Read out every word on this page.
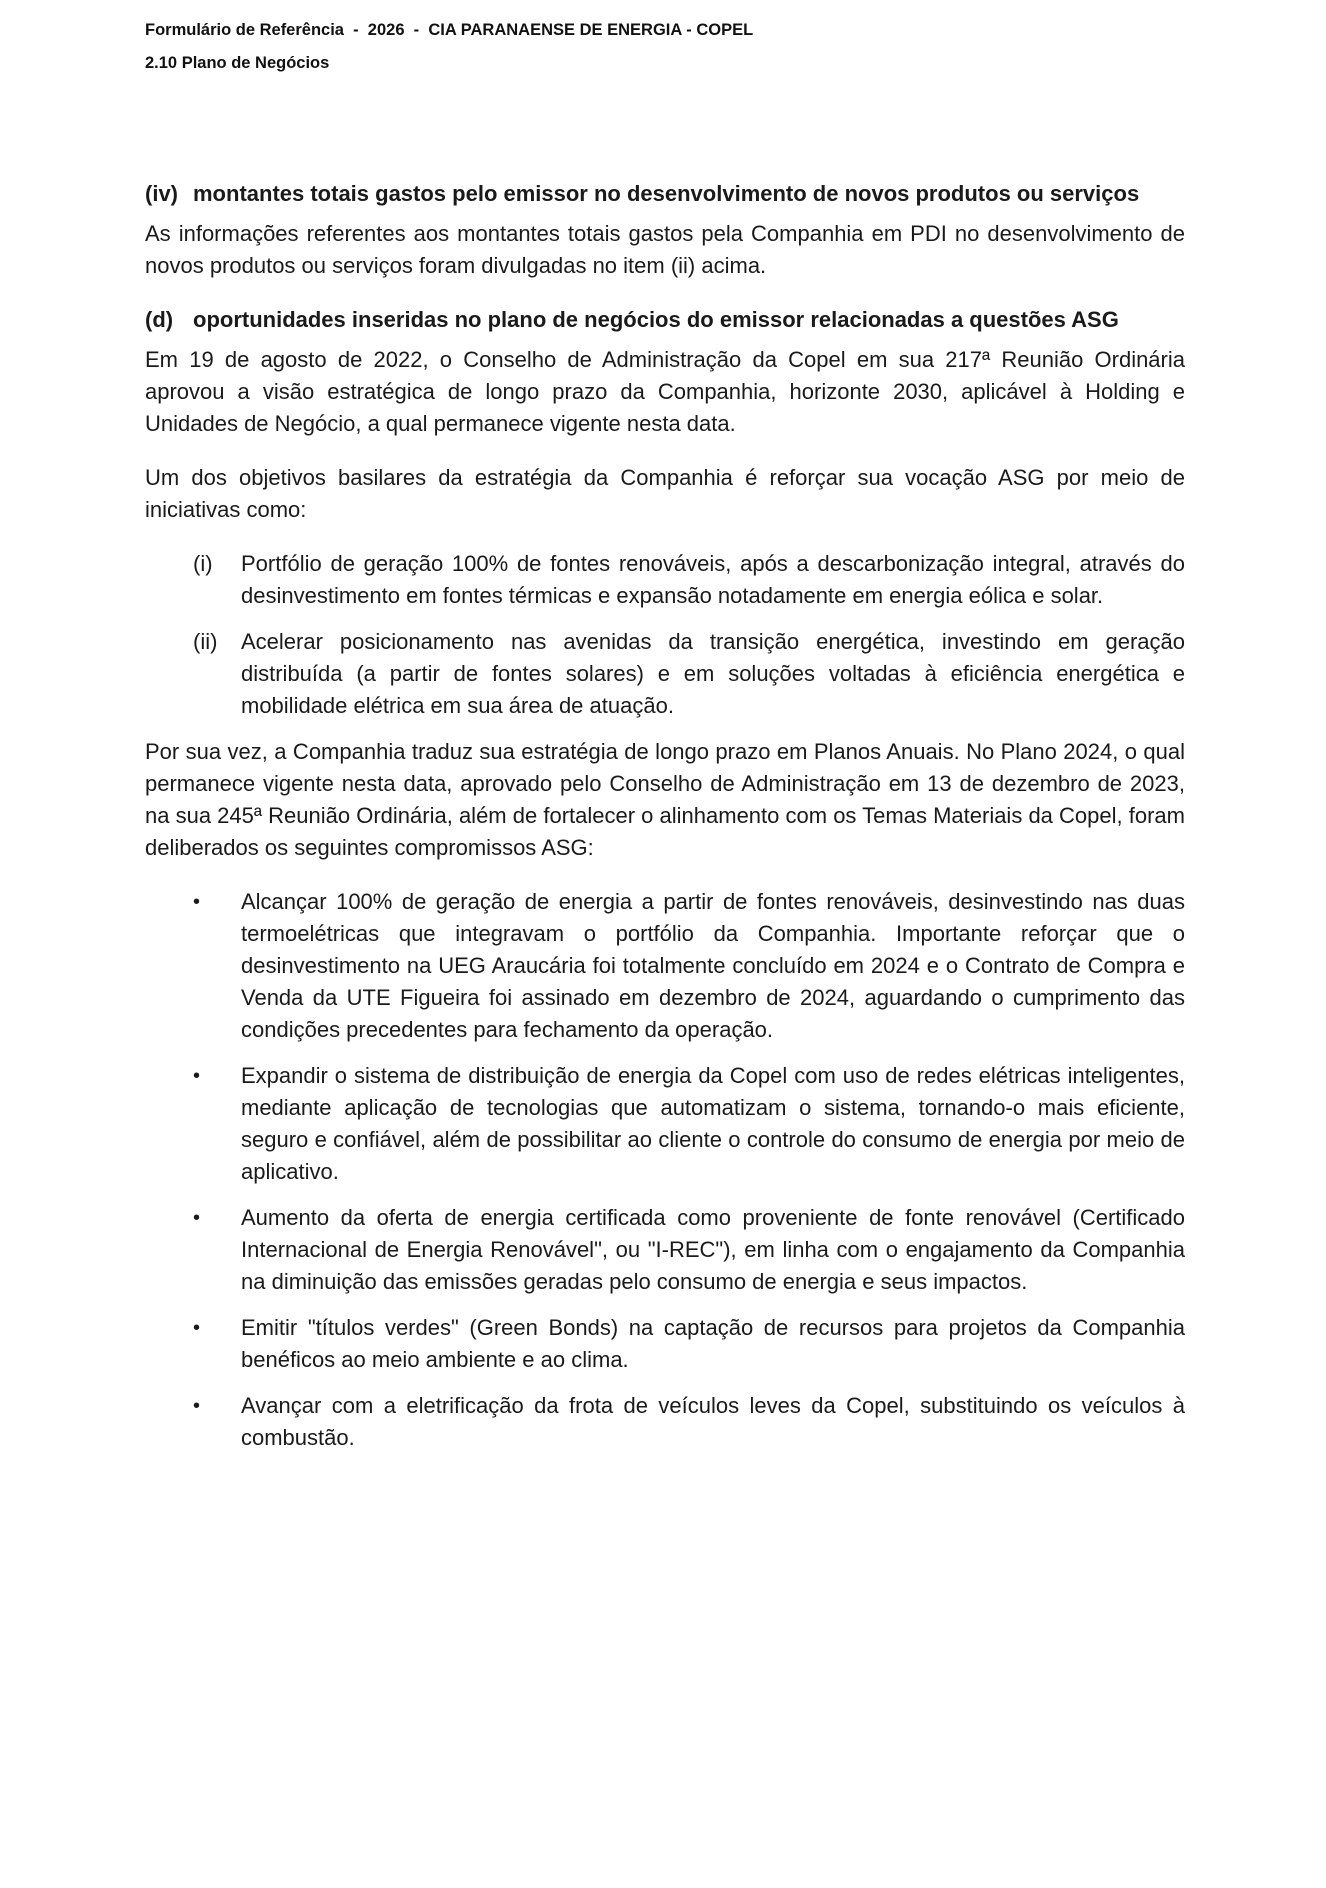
Formulário de Referência  -  2026  -  CIA PARANAENSE DE ENERGIA - COPEL
2.10 Plano de Negócios
(iv) montantes totais gastos pelo emissor no desenvolvimento de novos produtos ou serviços

As informações referentes aos montantes totais gastos pela Companhia em PDI no desenvolvimento de novos produtos ou serviços foram divulgadas no item (ii) acima.

(d) oportunidades inseridas no plano de negócios do emissor relacionadas a questões ASG

Em 19 de agosto de 2022, o Conselho de Administração da Copel em sua 217ª Reunião Ordinária aprovou a visão estratégica de longo prazo da Companhia, horizonte 2030, aplicável à Holding e Unidades de Negócio, a qual permanece vigente nesta data.

Um dos objetivos basilares da estratégia da Companhia é reforçar sua vocação ASG por meio de iniciativas como:

(i)	Portfólio de geração 100% de fontes renováveis, após a descarbonização integral, através do desinvestimento em fontes térmicas e expansão notadamente em energia eólica e solar.
(ii)	Acelerar posicionamento nas avenidas da transição energética, investindo em geração distribuída (a partir de fontes solares) e em soluções voltadas à eficiência energética e mobilidade elétrica em sua área de atuação.

Por sua vez, a Companhia traduz sua estratégia de longo prazo em Planos Anuais. No Plano 2024, o qual permanece vigente nesta data, aprovado pelo Conselho de Administração em 13 de dezembro de 2023, na sua 245ª Reunião Ordinária, além de fortalecer o alinhamento com os Temas Materiais da Copel, foram deliberados os seguintes compromissos ASG:

•	Alcançar 100% de geração de energia a partir de fontes renováveis, desinvestindo nas duas termoelétricas que integravam o portfólio da Companhia. Importante reforçar que o desinvestimento na UEG Araucária foi totalmente concluído em 2024 e o Contrato de Compra e Venda da UTE Figueira foi assinado em dezembro de 2024, aguardando o cumprimento das condições precedentes para fechamento da operação.
•	Expandir o sistema de distribuição de energia da Copel com uso de redes elétricas inteligentes, mediante aplicação de tecnologias que automatizam o sistema, tornando-o mais eficiente, seguro e confiável, além de possibilitar ao cliente o controle do consumo de energia por meio de aplicativo.
•	Aumento da oferta de energia certificada como proveniente de fonte renovável (Certificado Internacional de Energia Renovável", ou "I-REC"), em linha com o engajamento da Companhia na diminuição das emissões geradas pelo consumo de energia e seus impactos.
•	Emitir "títulos verdes" (Green Bonds) na captação de recursos para projetos da Companhia benéficos ao meio ambiente e ao clima.
•	Avançar com a eletrificação da frota de veículos leves da Copel, substituindo os veículos à combustão.
